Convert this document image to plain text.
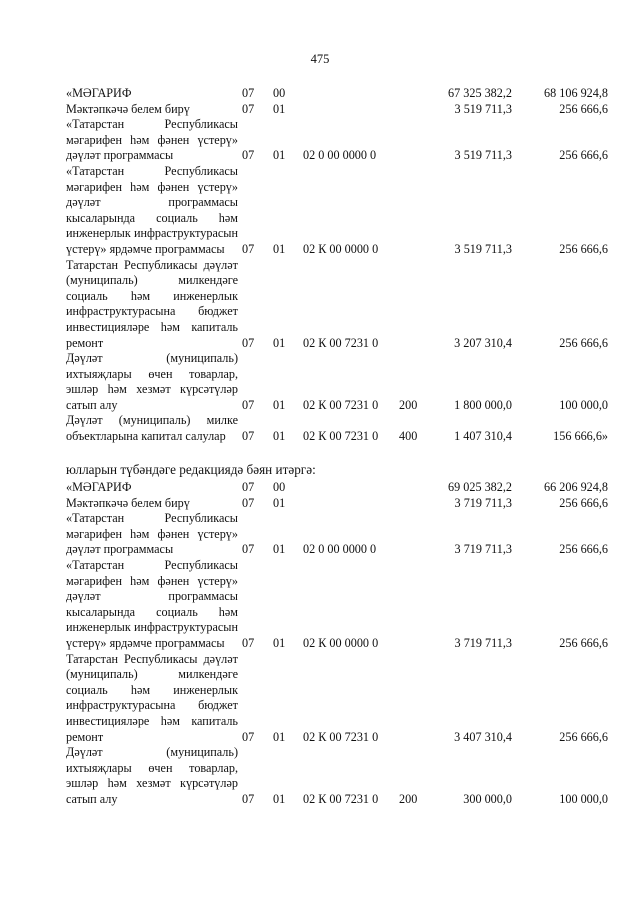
475
«МӘГАРИФ	07 00	67 325 382,2	68 106 924,8
Мәктәпкәчә белем бирү	07 01	3 519 711,3	256 666,6
«Татарстан Республикасы мәгарифен һәм фәнен үстерү» дәүләт программасы	07 01 02 0 00 0000 0	3 519 711,3	256 666,6
«Татарстан Республикасы мәгарифен һәм фәнен үстерү» дәүләт программасы кысаларында социаль һәм инженерлык инфраструктурасын үстерү» ярдәмче программасы	07 01 02 К 00 0000 0	3 519 711,3	256 666,6
Татарстан Республикасы дәүләт (муниципаль) милкендәге социаль һәм инженерлык инфраструктурасына бюджет инвестицияләре һәм капиталь ремонт	07 01 02 К 00 7231 0	3 207 310,4	256 666,6
Дәүләт (муниципаль) ихтыяҗлары өчен товарлар, эшләр һәм хезмәт күрсәтүләр сатып алу	07 01 02 К 00 7231 0 200	1 800 000,0	100 000,0
Дәүләт (муниципаль) милке объектларына капитал салулар	07 01 02 К 00 7231 0 400	1 407 310,4	156 666,6»
юлларын түбәндәге редакциядә бәян итәргә:
«МӘГАРИФ	07 00	69 025 382,2	66 206 924,8
Мәктәпкәчә белем бирү	07 01	3 719 711,3	256 666,6
«Татарстан Республикасы мәгарифен һәм фәнен үстерү» дәүләт программасы	07 01 02 0 00 0000 0	3 719 711,3	256 666,6
«Татарстан Республикасы мәгарифен һәм фәнен үстерү» дәүләт программасы кысаларында социаль һәм инженерлык инфраструктурасын үстерү» ярдәмче программасы	07 01 02 К 00 0000 0	3 719 711,3	256 666,6
Татарстан Республикасы дәүләт (муниципаль) милкендәге социаль һәм инженерлык инфраструктурасына бюджет инвестицияләре һәм капиталь ремонт	07 01 02 К 00 7231 0	3 407 310,4	256 666,6
Дәүләт (муниципаль) ихтыяҗлары өчен товарлар, эшләр һәм хезмәт күрсәтүләр сатып алу	07 01 02 К 00 7231 0 200	300 000,0	100 000,0
